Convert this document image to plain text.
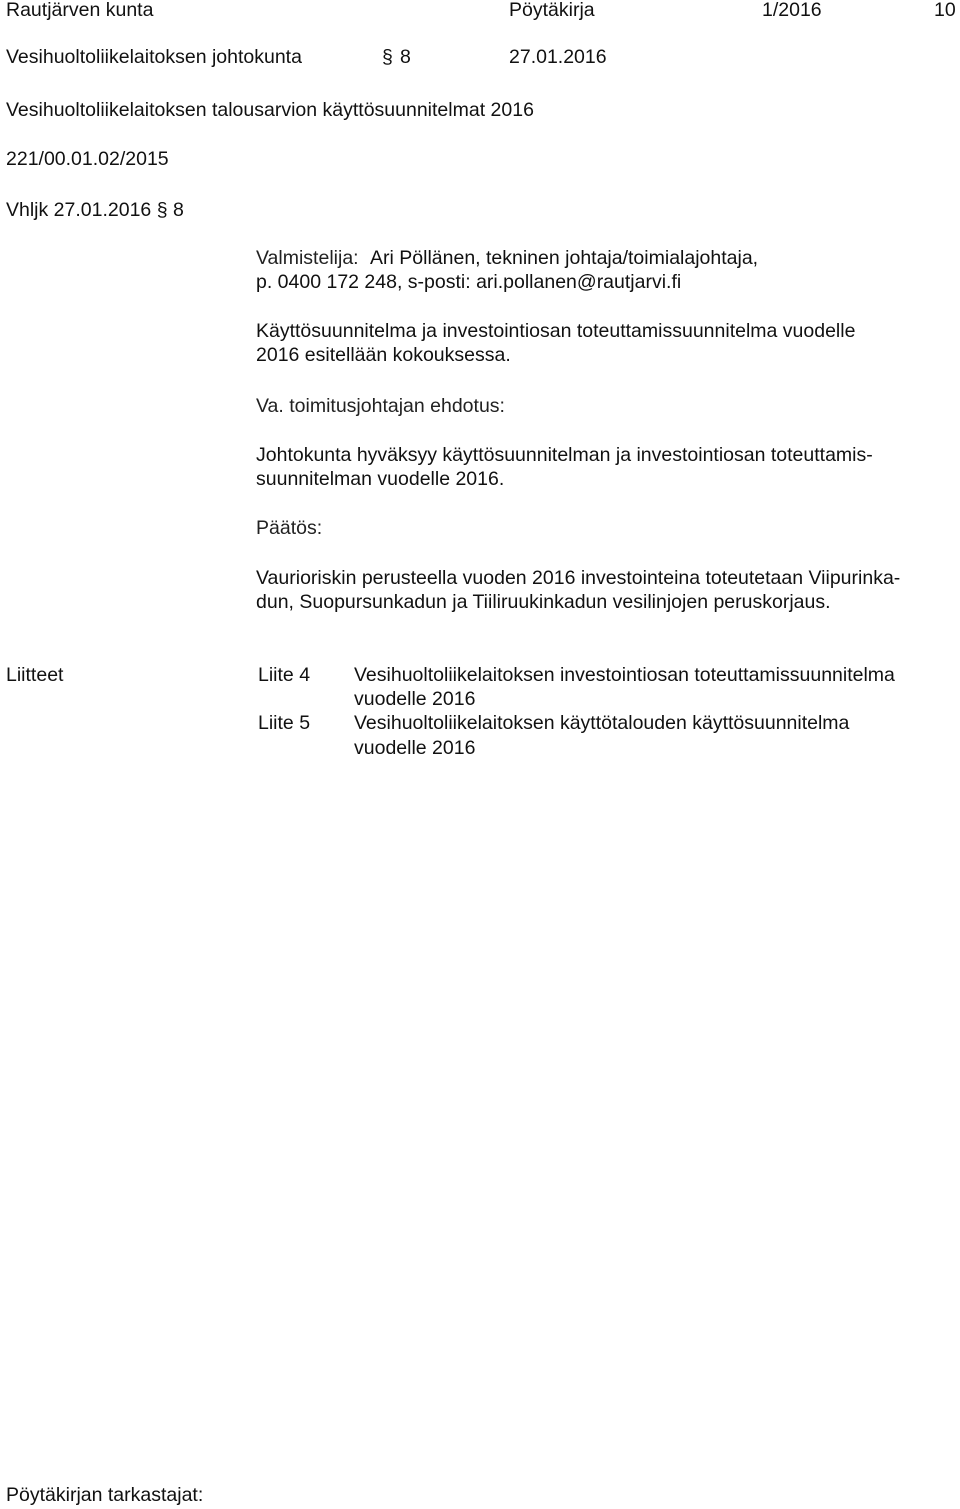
Rautjärven kunta	Pöytäkirja	1/2016	10
Vesihuoltoliikelaitoksen johtokunta	§ 8	27.01.2016
Vesihuoltoliikelaitoksen talousarvion käyttösuunnitelmat 2016
221/00.01.02/2015
Vhljk 27.01.2016 § 8
Valmistelija: Ari Pöllänen, tekninen johtaja/toimialajohtaja,
p. 0400 172 248, s-posti: ari.pollanen@rautjarvi.fi
Käyttösuunnitelma ja investointiosan toteuttamissuunnitelma vuodelle
2016 esitellään kokouksessa.
Va. toimitusjohtajan ehdotus:
Johtokunta hyväksyy käyttösuunnitelman ja investointiosan toteuttamis-
suunnitelman vuodelle 2016.
Päätös:
Vaurioriskin perusteella vuoden 2016 investointeina toteutetaan Viipurinka-
dun, Suopursunkadun ja Tiiliruukinkadun vesilinjojen peruskorjaus.
Liitteet	Liite 4 Vesihuoltoliikelaitoksen investointiosan toteuttamissuunnitelma
vuodelle 2016
Liite 5 Vesihuoltoliikelaitoksen käyttötalouden käyttösuunnitelma
vuodelle 2016
Pöytäkirjan tarkastajat:
